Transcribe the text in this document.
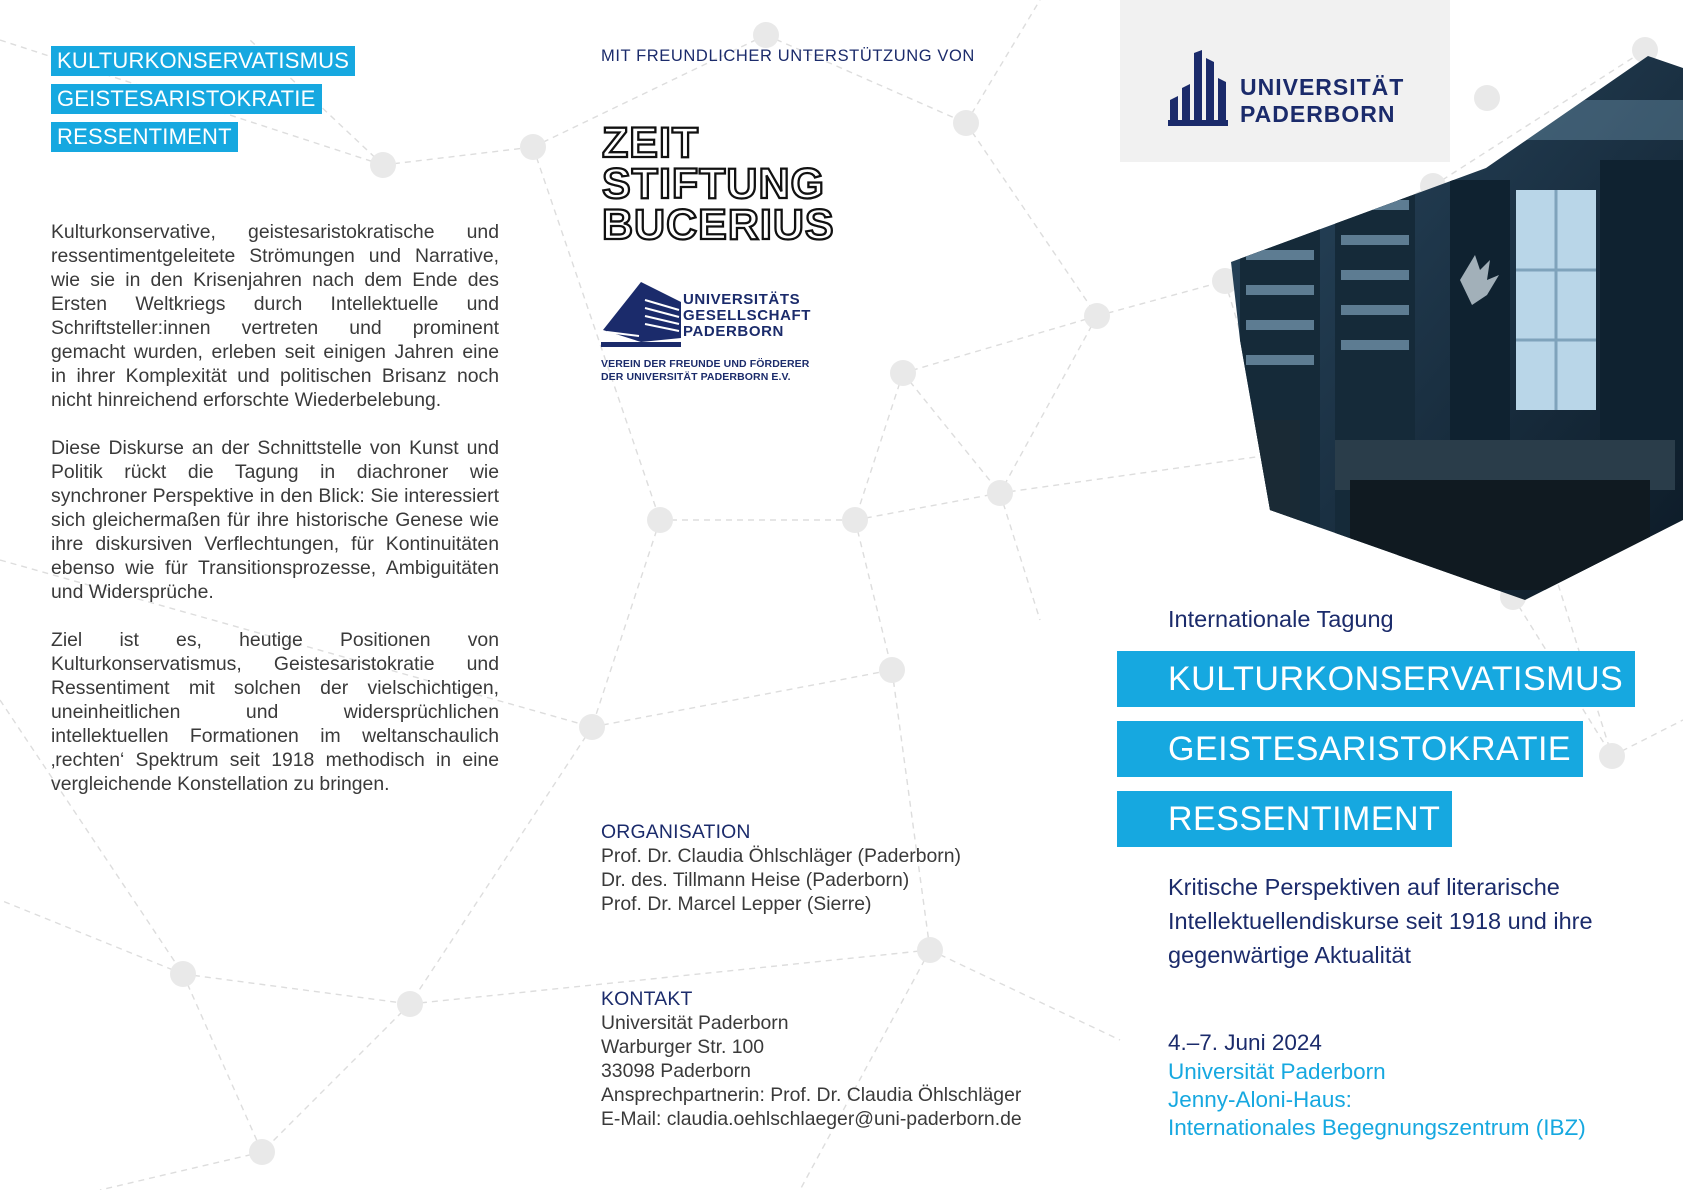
KULTURKONSERVATISMUS
GEISTESARISTOKRATIE
RESSENTIMENT

Kulturkonservative, geistesaristokratische und ressentimentgeleitete Strömungen und Narrative, wie sie in den Krisenjahren nach dem Ende des Ersten Weltkriegs durch Intellektuelle und Schriftsteller:innen vertreten und prominent gemacht wurden, erleben seit einigen Jahren eine in ihrer Komplexität und politischen Brisanz noch nicht hinreichend erforschte Wiederbelebung.

Diese Diskurse an der Schnittstelle von Kunst und Politik rückt die Tagung in diachroner wie synchroner Perspektive in den Blick: Sie interessiert sich gleichermaßen für ihre historische Genese wie ihre diskursiven Verflechtungen, für Kontinuitäten ebenso wie für Transitionsprozesse, Ambiguitäten und Widersprüche.

Ziel ist es, heutige Positionen von Kulturkonservatismus, Geistesaristokratie und Ressentiment mit solchen der vielschichtigen, uneinheitlichen und widersprüchlichen intellektuellen Formationen im weltanschaulich ‚rechten‘ Spektrum seit 1918 methodisch in eine vergleichende Konstellation zu bringen.

MIT FREUNDLICHER UNTERSTÜTZUNG VON
ZEIT
STIFTUNG
BUCERIUS
UNIVERSITÄTS
GESELLSCHAFT
PADERBORN
VEREIN DER FREUNDE UND FÖRDERER
DER UNIVERSITÄT PADERBORN E.V.
ORGANISATION
Prof. Dr. Claudia Öhlschläger (Paderborn)
Dr. des. Tillmann Heise (Paderborn)
Prof. Dr. Marcel Lepper (Sierre)
KONTAKT
Universität Paderborn
Warburger Str. 100
33098 Paderborn
Ansprechpartnerin: Prof. Dr. Claudia Öhlschläger
E-Mail: claudia.oehlschlaeger@uni-paderborn.de
UNIVERSITÄT
PADERBORN
Internationale Tagung
KULTURKONSERVATISMUS
GEISTESARISTOKRATIE
RESSENTIMENT
Kritische Perspektiven auf literarische Intellektuellendiskurse seit 1918 und ihre gegenwärtige Aktualität
4.–7. Juni 2024
Universität Paderborn
Jenny-Aloni-Haus:
Internationales Begegnungszentrum (IBZ)
